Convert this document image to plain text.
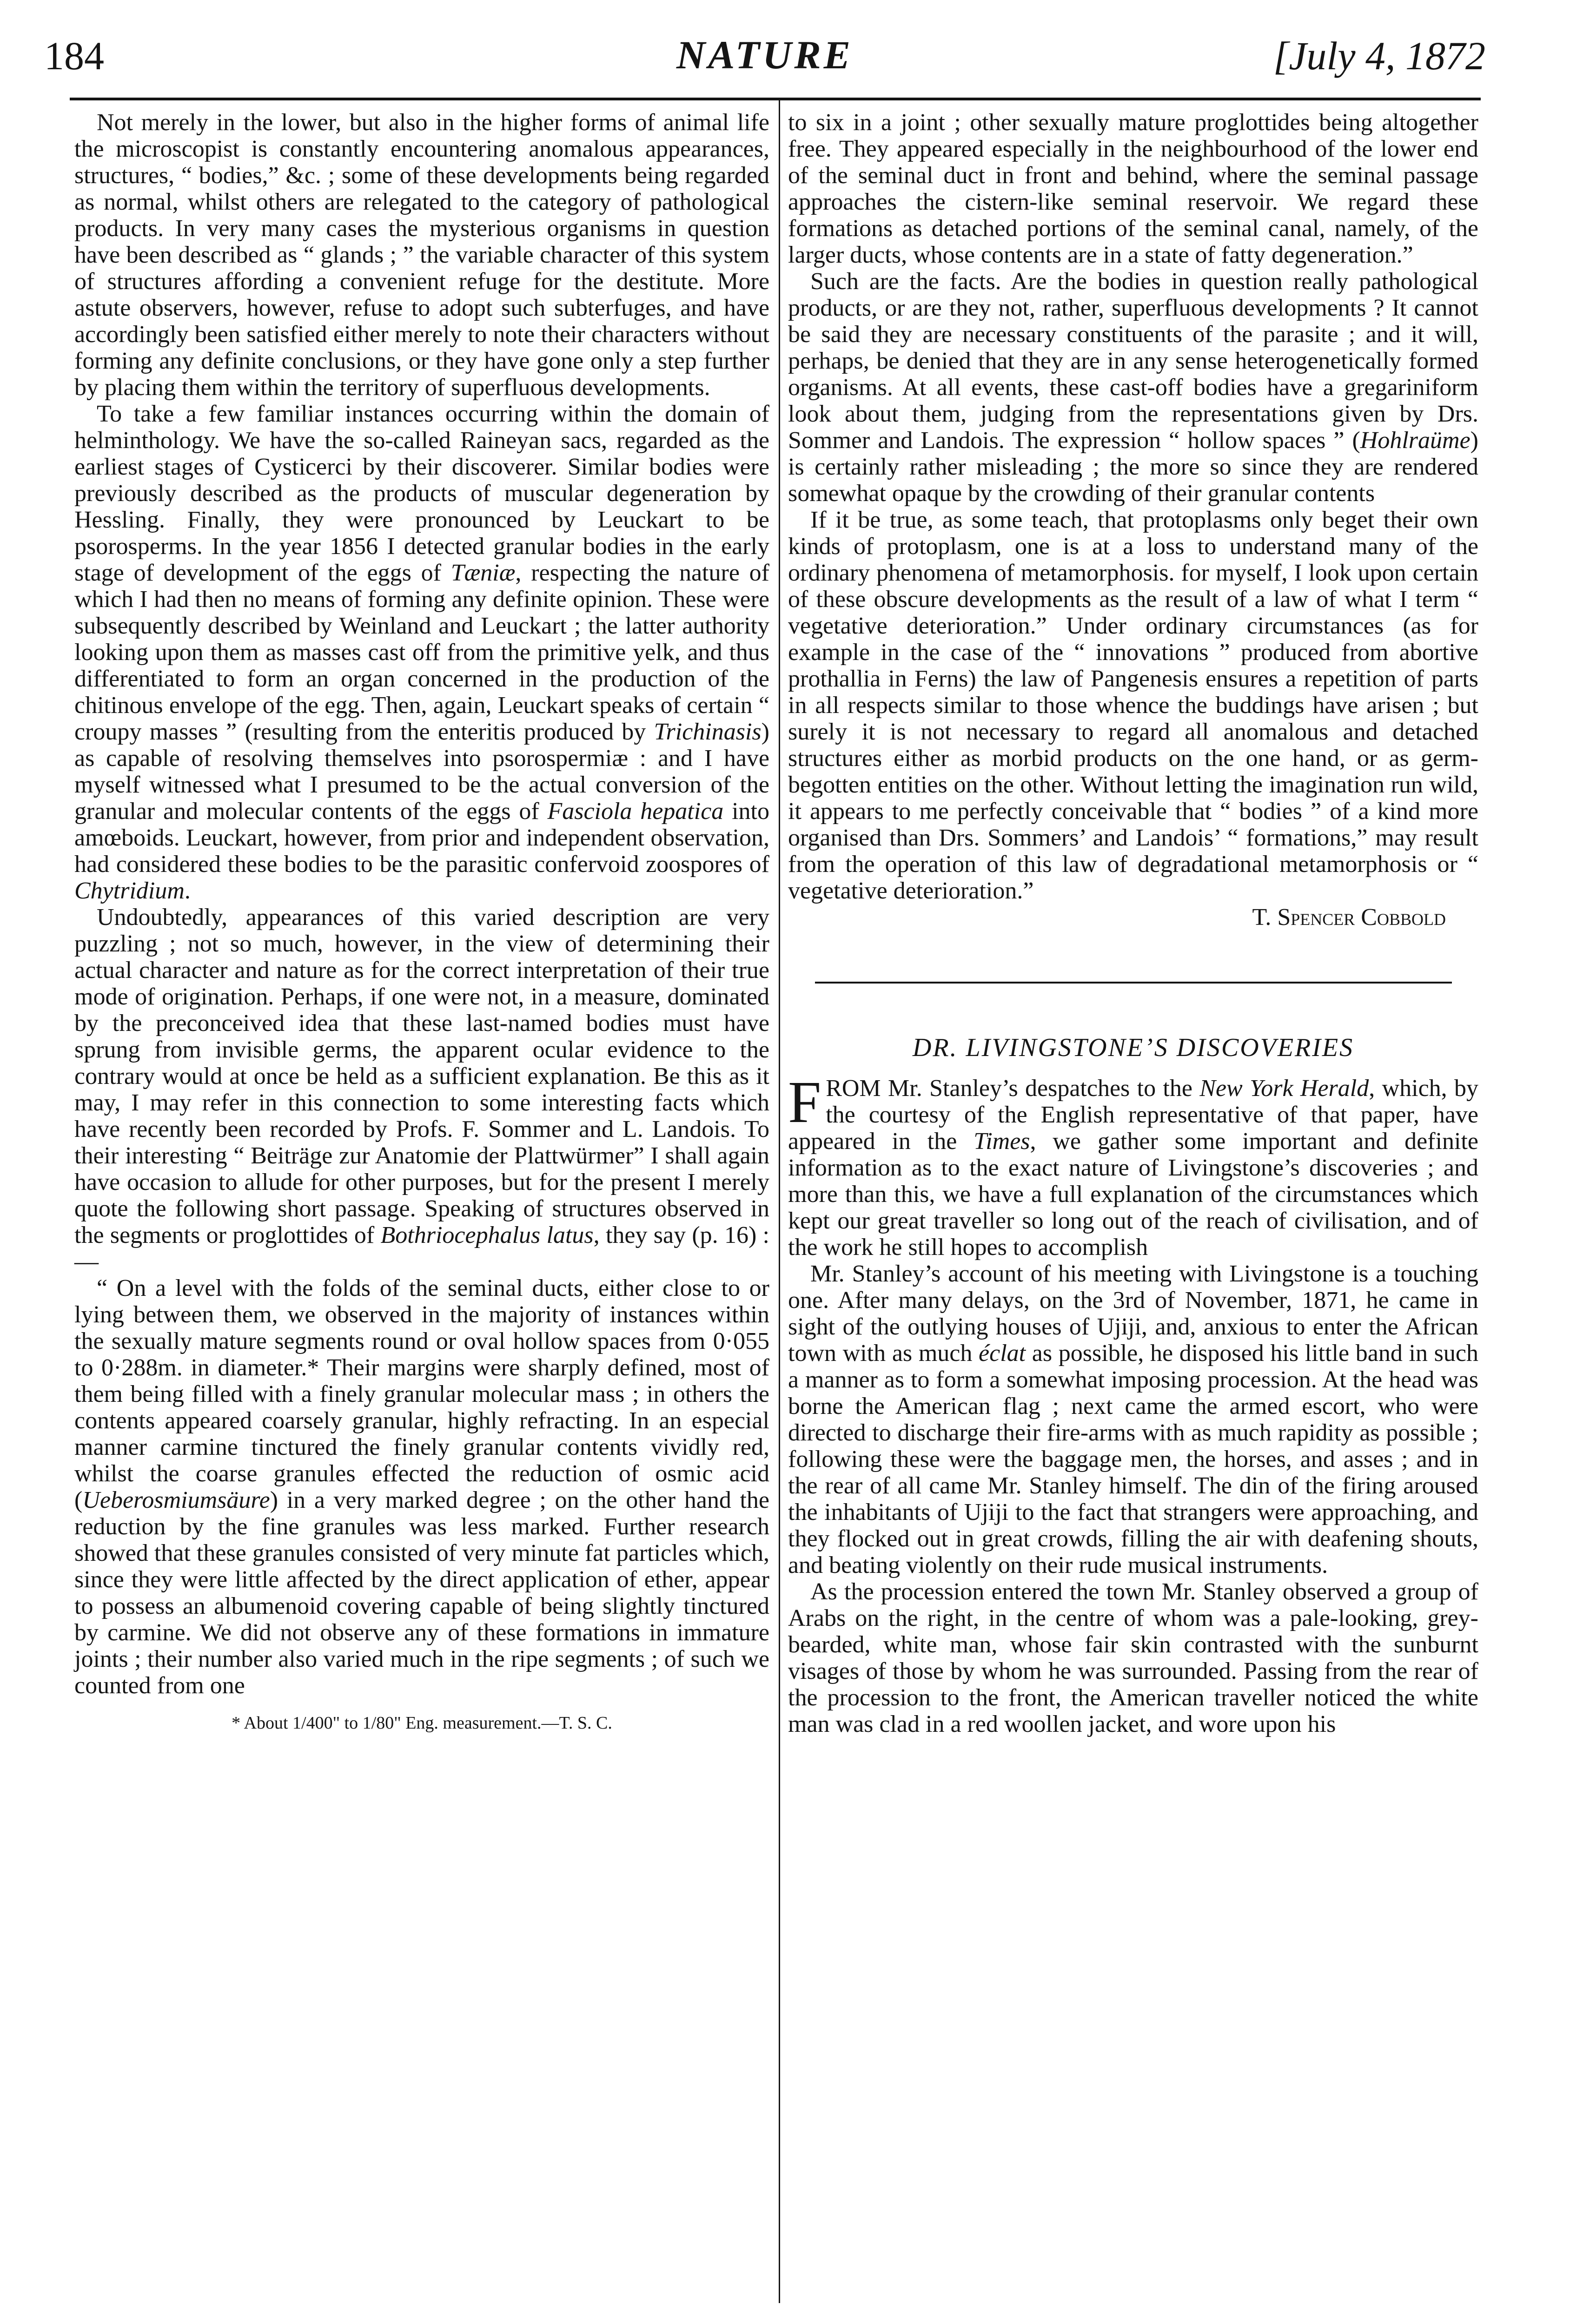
184	NATURE	[July 4, 1872

Not merely in the lower, but also in the higher forms of animal life the microscopist is constantly encountering anomalous appearances, structures, “ bodies,” &c. ; some of these developments being regarded as normal, whilst others are relegated to the category of pathological products. In very many cases the mysterious organisms in question have been described as “ glands ; ” the variable character of this system of structures affording a convenient refuge for the destitute. More astute observers, however, refuse to adopt such subterfuges, and have accordingly been satisfied either merely to note their characters without forming any definite conclusions, or they have gone only a step further by placing them within the territory of superfluous developments.

To take a few familiar instances occurring within the domain of helminthology. We have the so-called Raineyan sacs, regarded as the earliest stages of Cysticerci by their discoverer. Similar bodies were previously described as the products of muscular degeneration by Hessling. Finally, they were pronounced by Leuckart to be psorosperms. In the year 1856 I detected granular bodies in the early stage of development of the eggs of Tæniæ, respecting the nature of which I had then no means of forming any definite opinion. These were subsequently described by Weinland and Leuckart ; the latter authority looking upon them as masses cast off from the primitive yelk, and thus differentiated to form an organ concerned in the production of the chitinous envelope of the egg. Then, again, Leuckart speaks of certain “ croupy masses ” (resulting from the enteritis produced by Trichinasis) as capable of resolving themselves into psorospermiæ : and I have myself witnessed what I presumed to be the actual conversion of the granular and molecular contents of the eggs of Fasciola hepatica into amœboids. Leuckart, however, from prior and independent observation, had considered these bodies to be the parasitic confervoid zoospores of Chytridium.

Undoubtedly, appearances of this varied description are very puzzling ; not so much, however, in the view of determining their actual character and nature as for the correct interpretation of their true mode of origination. Perhaps, if one were not, in a measure, dominated by the preconceived idea that these last-named bodies must have sprung from invisible germs, the apparent ocular evidence to the contrary would at once be held as a sufficient explanation. Be this as it may, I may refer in this connection to some interesting facts which have recently been recorded by Profs. F. Sommer and L. Landois. To their interesting “ Beiträge zur Anatomie der Plattwürmer” I shall again have occasion to allude for other purposes, but for the present I merely quote the following short passage. Speaking of structures observed in the segments or proglottides of Bothriocephalus latus, they say (p. 16) :—

“ On a level with the folds of the seminal ducts, either close to or lying between them, we observed in the majority of instances within the sexually mature segments round or oval hollow spaces from 0·055 to 0·288m. in diameter.* Their margins were sharply defined, most of them being filled with a finely granular molecular mass ; in others the contents appeared coarsely granular, highly refracting. In an especial manner carmine tinctured the finely granular contents vividly red, whilst the coarse granules effected the reduction of osmic acid (Ueberosmiumsäure) in a very marked degree ; on the other hand the reduction by the fine granules was less marked. Further research showed that these granules consisted of very minute fat particles which, since they were little affected by the direct application of ether, appear to possess an albumenoid covering capable of being slightly tinctured by carmine. We did not observe any of these formations in immature joints ; their number also varied much in the ripe segments ; of such we counted from one

* About 1/400" to 1/80" Eng. measurement.—T. S. C.

to six in a joint ; other sexually mature proglottides being altogether free. They appeared especially in the neighbourhood of the lower end of the seminal duct in front and behind, where the seminal passage approaches the cistern-like seminal reservoir. We regard these formations as detached portions of the seminal canal, namely, of the larger ducts, whose contents are in a state of fatty degeneration.”

Such are the facts. Are the bodies in question really pathological products, or are they not, rather, superfluous developments ? It cannot be said they are necessary constituents of the parasite ; and it will, perhaps, be denied that they are in any sense heterogenetically formed organisms. At all events, these cast-off bodies have a gregariniform look about them, judging from the representations given by Drs. Sommer and Landois. The expression “ hollow spaces ” (Hohlraüme) is certainly rather misleading ; the more so since they are rendered somewhat opaque by the crowding of their granular contents

If it be true, as some teach, that protoplasms only beget their own kinds of protoplasm, one is at a loss to understand many of the ordinary phenomena of metamorphosis. for myself, I look upon certain of these obscure developments as the result of a law of what I term “ vegetative deterioration.” Under ordinary circumstances (as for example in the case of the “ innovations ” produced from abortive prothallia in Ferns) the law of Pangenesis ensures a repetition of parts in all respects similar to those whence the buddings have arisen ; but surely it is not necessary to regard all anomalous and detached structures either as morbid products on the one hand, or as germ-begotten entities on the other. Without letting the imagination run wild, it appears to me perfectly conceivable that “ bodies ” of a kind more organised than Drs. Sommers’ and Landois’ “ formations,” may result from the operation of this law of degradational metamorphosis or “ vegetative deterioration.”

T. Spencer Cobbold
DR. LIVINGSTONE’S DISCOVERIES

FROM Mr. Stanley’s despatches to the New York Herald, which, by the courtesy of the English representative of that paper, have appeared in the Times, we gather some important and definite information as to the exact nature of Livingstone’s discoveries ; and more than this, we have a full explanation of the circumstances which kept our great traveller so long out of the reach of civilisation, and of the work he still hopes to accomplish

Mr. Stanley’s account of his meeting with Livingstone is a touching one. After many delays, on the 3rd of November, 1871, he came in sight of the outlying houses of Ujiji, and, anxious to enter the African town with as much éclat as possible, he disposed his little band in such a manner as to form a somewhat imposing procession. At the head was borne the American flag ; next came the armed escort, who were directed to discharge their fire-arms with as much rapidity as possible ; following these were the baggage men, the horses, and asses ; and in the rear of all came Mr. Stanley himself. The din of the firing aroused the inhabitants of Ujiji to the fact that strangers were approaching, and they flocked out in great crowds, filling the air with deafening shouts, and beating violently on their rude musical instruments.

As the procession entered the town Mr. Stanley observed a group of Arabs on the right, in the centre of whom was a pale-looking, grey-bearded, white man, whose fair skin contrasted with the sunburnt visages of those by whom he was surrounded. Passing from the rear of the procession to the front, the American traveller noticed the white man was clad in a red woollen jacket, and wore upon his
